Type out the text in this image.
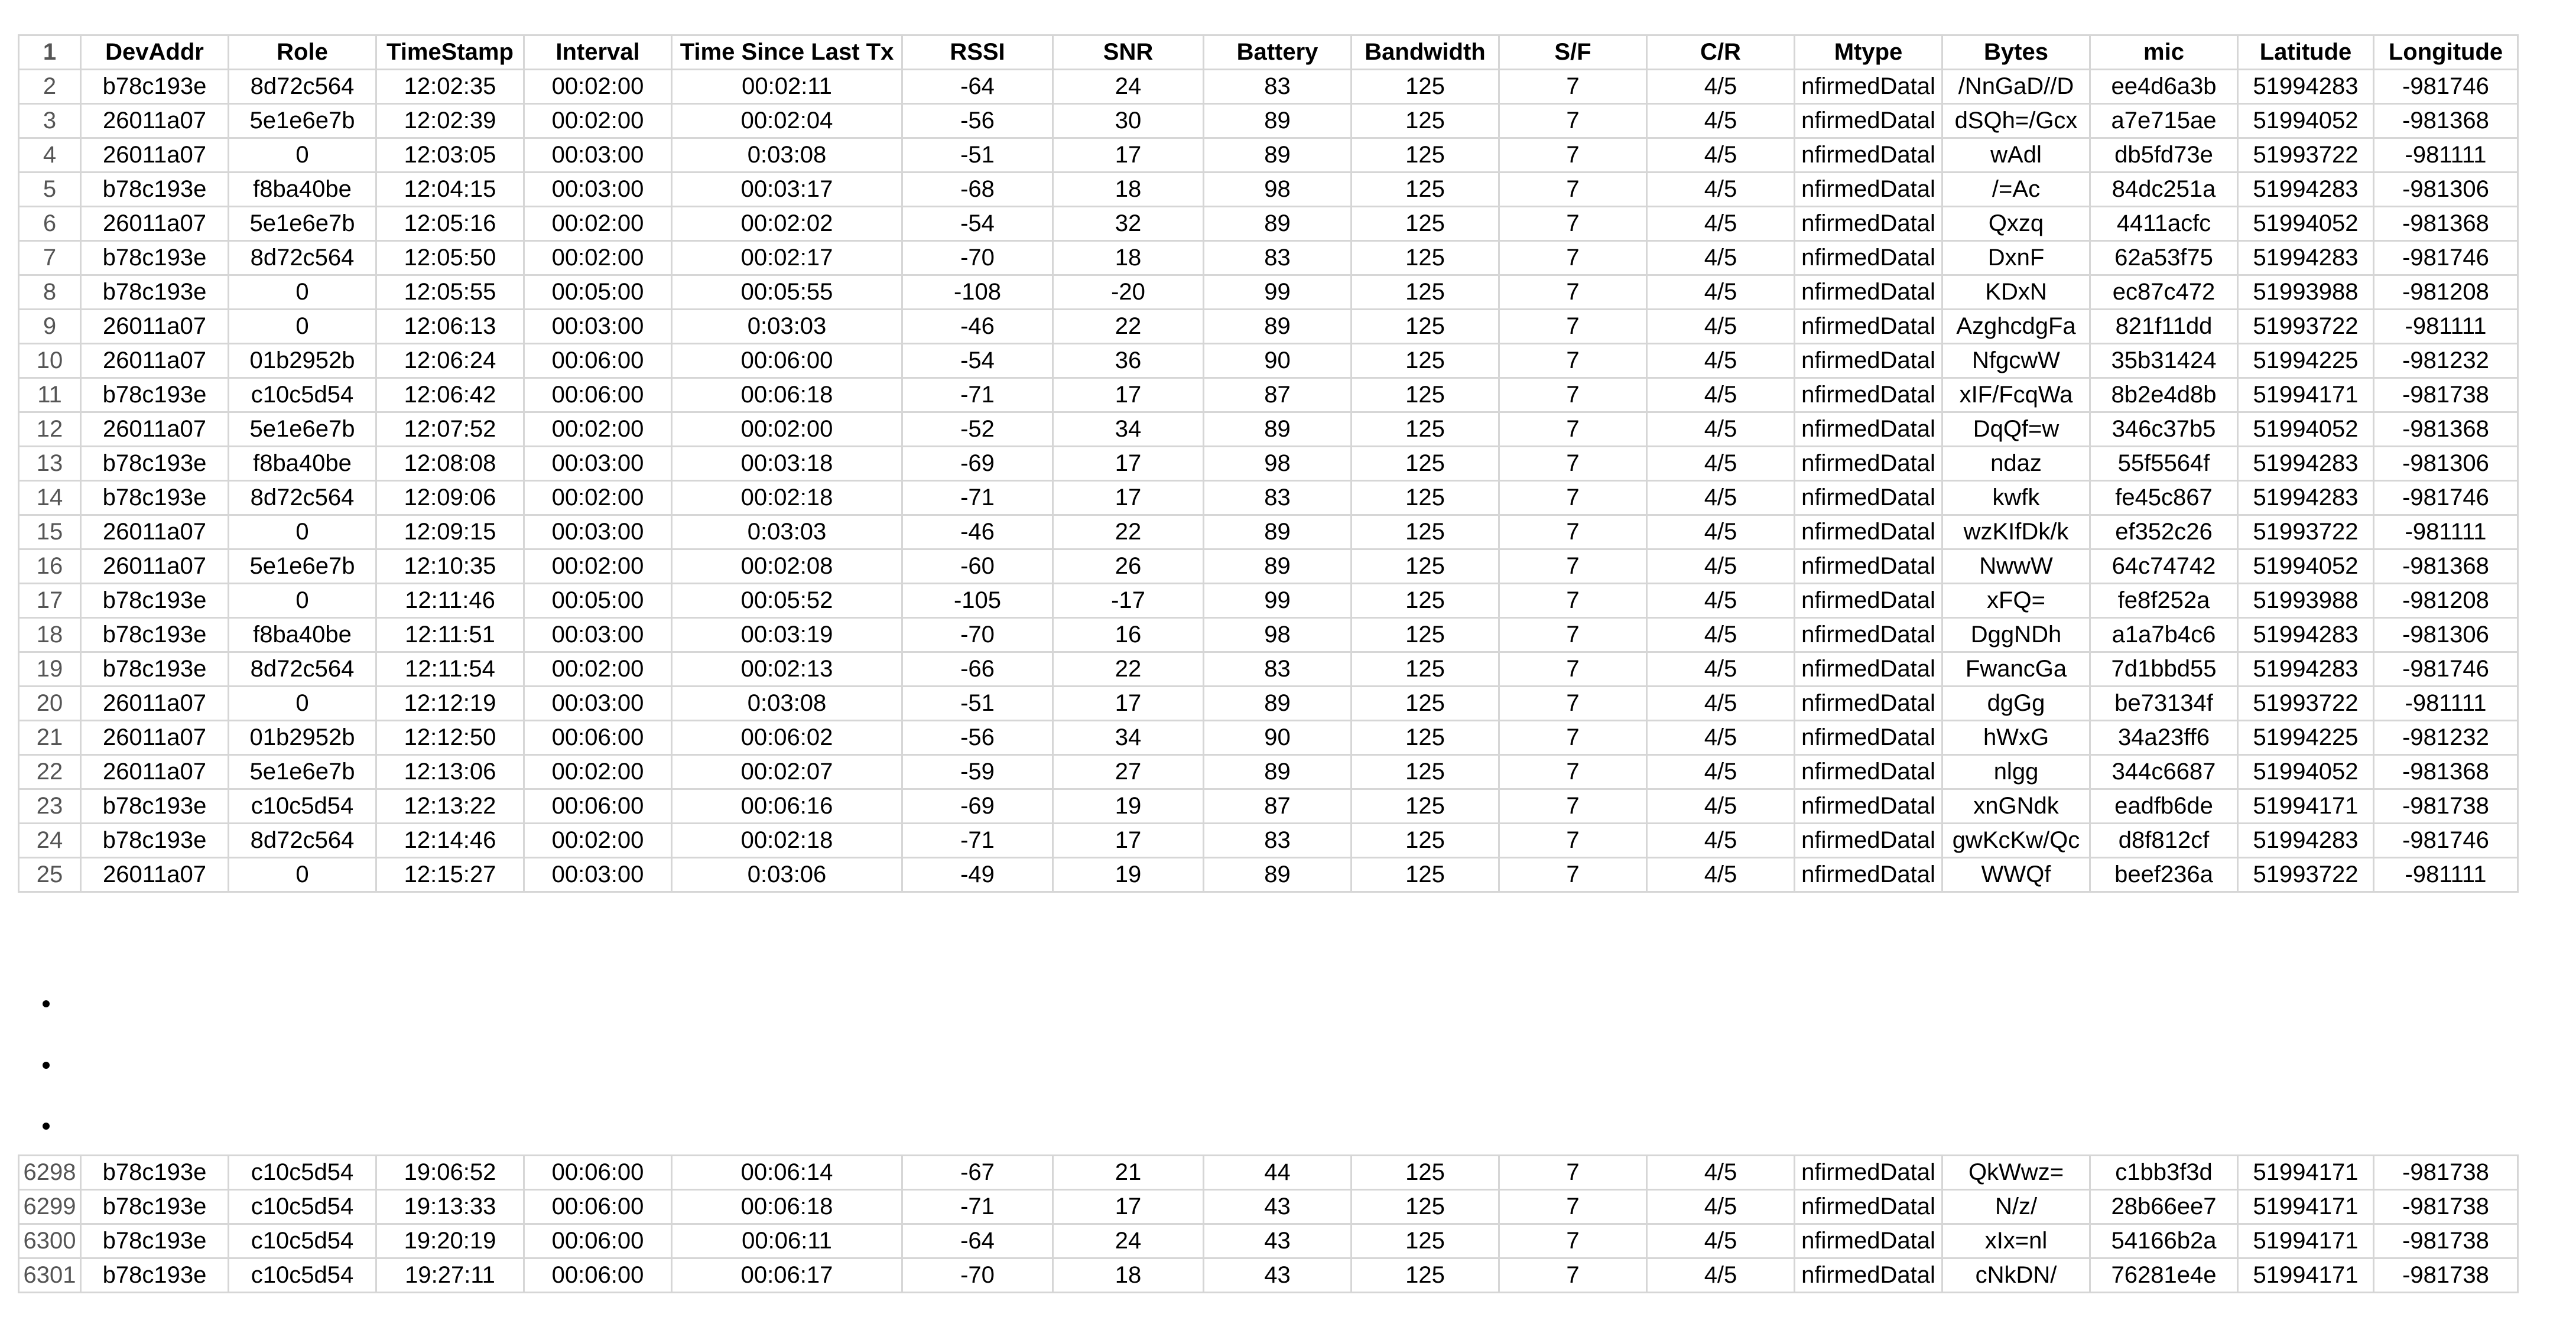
1	DevAddr	Role	TimeStamp	Interval	Time Since Last Tx	RSSI	SNR	Battery	Bandwidth	S/F	C/R	Mtype	Bytes	mic	Latitude	Longitude
2	b78c193e	8d72c564	12:02:35	00:02:00	00:02:11	-64	24	83	125	7	4/5	nfirmedDatal	/NnGaD//D	ee4d6a3b	51994283	-981746
3	26011a07	5e1e6e7b	12:02:39	00:02:00	00:02:04	-56	30	89	125	7	4/5	nfirmedDatal	dSQh=/Gcx	a7e715ae	51994052	-981368
4	26011a07	0	12:03:05	00:03:00	0:03:08	-51	17	89	125	7	4/5	nfirmedDatal	wAdl	db5fd73e	51993722	-981111
5	b78c193e	f8ba40be	12:04:15	00:03:00	00:03:17	-68	18	98	125	7	4/5	nfirmedDatal	/=Ac	84dc251a	51994283	-981306
6	26011a07	5e1e6e7b	12:05:16	00:02:00	00:02:02	-54	32	89	125	7	4/5	nfirmedDatal	Qxzq	4411acfc	51994052	-981368
7	b78c193e	8d72c564	12:05:50	00:02:00	00:02:17	-70	18	83	125	7	4/5	nfirmedDatal	DxnF	62a53f75	51994283	-981746
8	b78c193e	0	12:05:55	00:05:00	00:05:55	-108	-20	99	125	7	4/5	nfirmedDatal	KDxN	ec87c472	51993988	-981208
9	26011a07	0	12:06:13	00:03:00	0:03:03	-46	22	89	125	7	4/5	nfirmedDatal	AzghcdgFa	821f11dd	51993722	-981111
10	26011a07	01b2952b	12:06:24	00:06:00	00:06:00	-54	36	90	125	7	4/5	nfirmedDatal	NfgcwW	35b31424	51994225	-981232
11	b78c193e	c10c5d54	12:06:42	00:06:00	00:06:18	-71	17	87	125	7	4/5	nfirmedDatal	xIF/FcqWa	8b2e4d8b	51994171	-981738
12	26011a07	5e1e6e7b	12:07:52	00:02:00	00:02:00	-52	34	89	125	7	4/5	nfirmedDatal	DqQf=w	346c37b5	51994052	-981368
13	b78c193e	f8ba40be	12:08:08	00:03:00	00:03:18	-69	17	98	125	7	4/5	nfirmedDatal	ndaz	55f5564f	51994283	-981306
14	b78c193e	8d72c564	12:09:06	00:02:00	00:02:18	-71	17	83	125	7	4/5	nfirmedDatal	kwfk	fe45c867	51994283	-981746
15	26011a07	0	12:09:15	00:03:00	0:03:03	-46	22	89	125	7	4/5	nfirmedDatal	wzKIfDk/k	ef352c26	51993722	-981111
16	26011a07	5e1e6e7b	12:10:35	00:02:00	00:02:08	-60	26	89	125	7	4/5	nfirmedDatal	NwwW	64c74742	51994052	-981368
17	b78c193e	0	12:11:46	00:05:00	00:05:52	-105	-17	99	125	7	4/5	nfirmedDatal	xFQ=	fe8f252a	51993988	-981208
18	b78c193e	f8ba40be	12:11:51	00:03:00	00:03:19	-70	16	98	125	7	4/5	nfirmedDatal	DggNDh	a1a7b4c6	51994283	-981306
19	b78c193e	8d72c564	12:11:54	00:02:00	00:02:13	-66	22	83	125	7	4/5	nfirmedDatal	FwancGa	7d1bbd55	51994283	-981746
20	26011a07	0	12:12:19	00:03:00	0:03:08	-51	17	89	125	7	4/5	nfirmedDatal	dgGg	be73134f	51993722	-981111
21	26011a07	01b2952b	12:12:50	00:06:00	00:06:02	-56	34	90	125	7	4/5	nfirmedDatal	hWxG	34a23ff6	51994225	-981232
22	26011a07	5e1e6e7b	12:13:06	00:02:00	00:02:07	-59	27	89	125	7	4/5	nfirmedDatal	nlgg	344c6687	51994052	-981368
23	b78c193e	c10c5d54	12:13:22	00:06:00	00:06:16	-69	19	87	125	7	4/5	nfirmedDatal	xnGNdk	eadfb6de	51994171	-981738
24	b78c193e	8d72c564	12:14:46	00:02:00	00:02:18	-71	17	83	125	7	4/5	nfirmedDatal	gwKcKw/Qc	d8f812cf	51994283	-981746
25	26011a07	0	12:15:27	00:03:00	0:03:06	-49	19	89	125	7	4/5	nfirmedDatal	WWQf	beef236a	51993722	-981111
6298	b78c193e	c10c5d54	19:06:52	00:06:00	00:06:14	-67	21	44	125	7	4/5	nfirmedDatal	QkWwz=	c1bb3f3d	51994171	-981738
6299	b78c193e	c10c5d54	19:13:33	00:06:00	00:06:18	-71	17	43	125	7	4/5	nfirmedDatal	N/z/	28b66ee7	51994171	-981738
6300	b78c193e	c10c5d54	19:20:19	00:06:00	00:06:11	-64	24	43	125	7	4/5	nfirmedDatal	xIx=nl	54166b2a	51994171	-981738
6301	b78c193e	c10c5d54	19:27:11	00:06:00	00:06:17	-70	18	43	125	7	4/5	nfirmedDatal	cNkDN/	76281e4e	51994171	-981738
